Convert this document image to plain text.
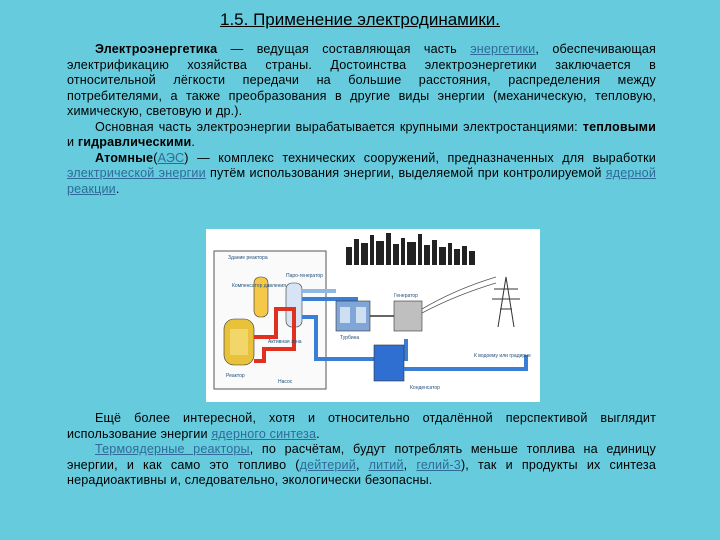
1.5. Применение электродинамики.
Электроэнергетика — ведущая составляющая часть энергетики, обеспечивающая электрификацию хозяйства страны. Достоинства электроэнергетики заключается в относительной лёгкости передачи на большие расстояния, распределения между потребителями, а также преобразования в другие виды энергии (механическую, тепловую, химическую, световую и др.).
Основная часть электроэнергии вырабатывается крупными электростанциями: тепловыми и гидравлическими.
Атомные(АЭС) — комплекс технических сооружений, предназначенных для выработки электрической энергии путём использования энергии, выделяемой при контролируемой ядерной реакции.
Здание реактора
Турбина
Генератор
Конденсатор
К водоему или градирне
Компенсатор давления
Паро-генератор
Активная зона
Реактор
Насос
Ещё более интересной, хотя и относительно отдалённой перспективой выглядит использование энергии ядерного синтеза.
Термоядерные реакторы, по расчётам, будут потреблять меньше топлива на единицу энергии, и как само это топливо (дейтерий, литий, гелий-3), так и продукты их синтеза нерадиоактивны и, следовательно, экологически безопасны.
